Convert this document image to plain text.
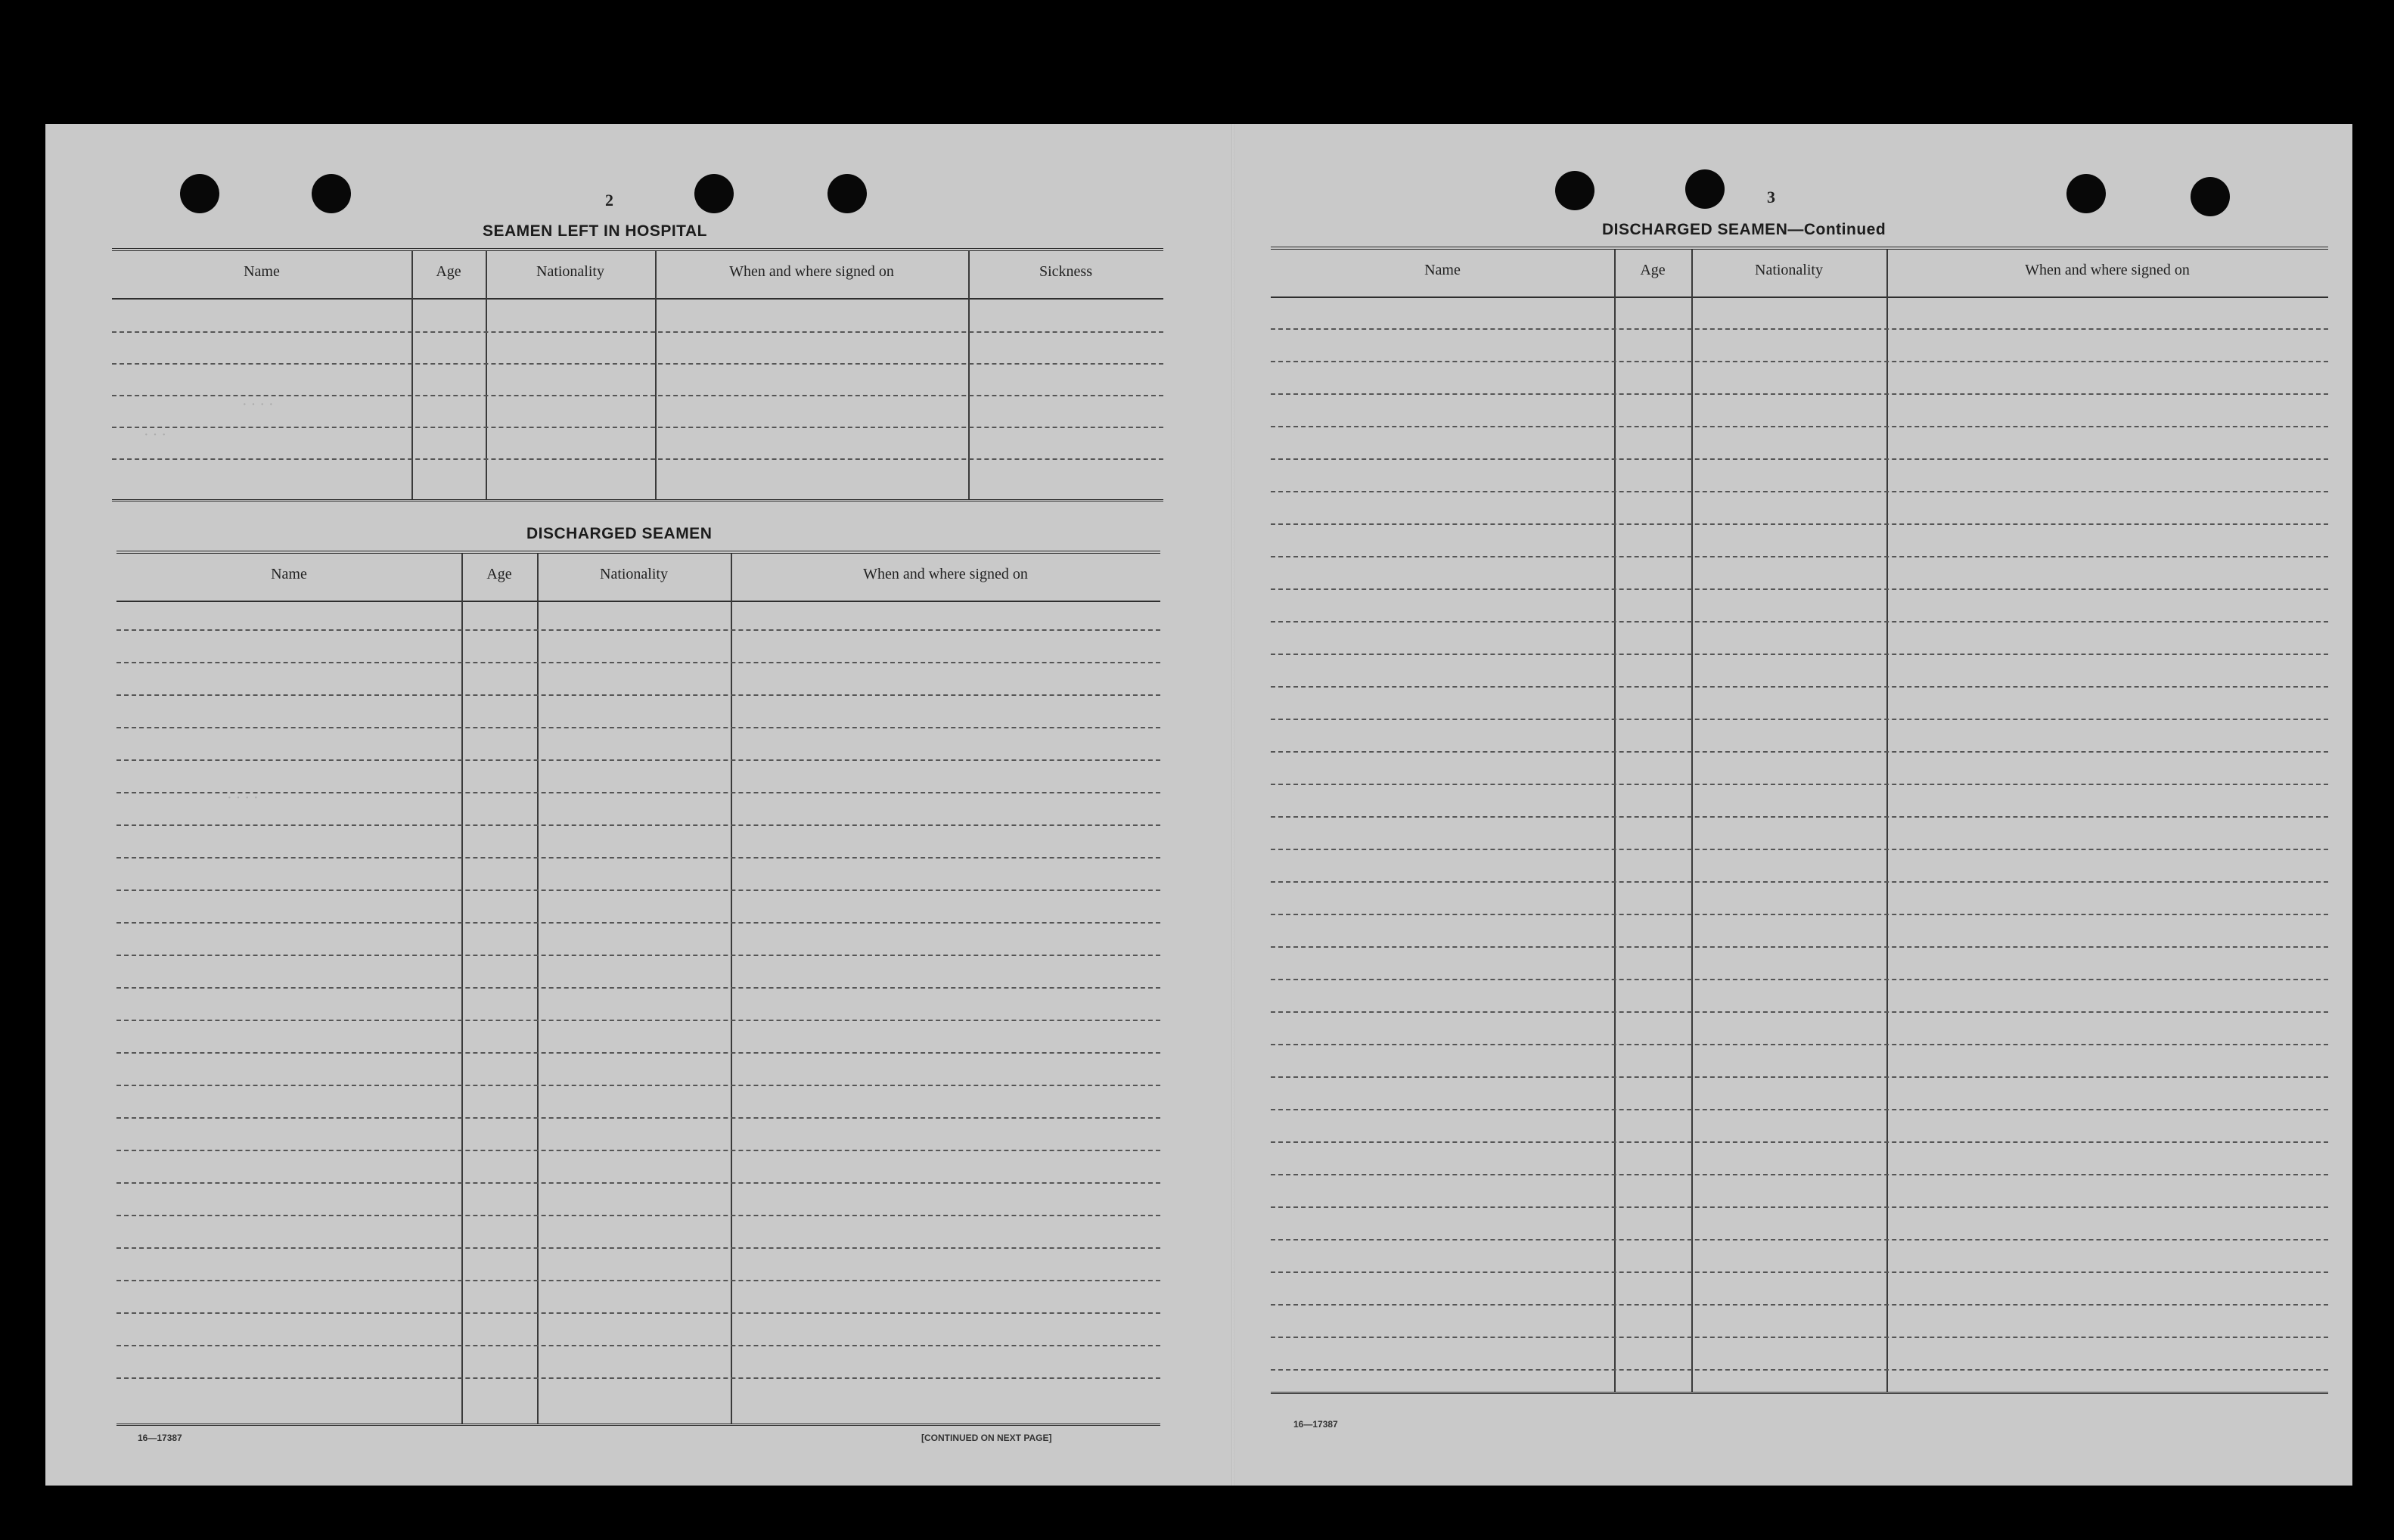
· · · ·
· · ·
· · · ·
2
SEAMEN LEFT IN HOSPITAL
Name	Age	Nationality	When and where signed on	Sickness
DISCHARGED SEAMEN
Name	Age	Nationality	When and where signed on
16—17387	[CONTINUED ON NEXT PAGE]
3
DISCHARGED SEAMEN—Continued
Name	Age	Nationality	When and where signed on
16—17387
